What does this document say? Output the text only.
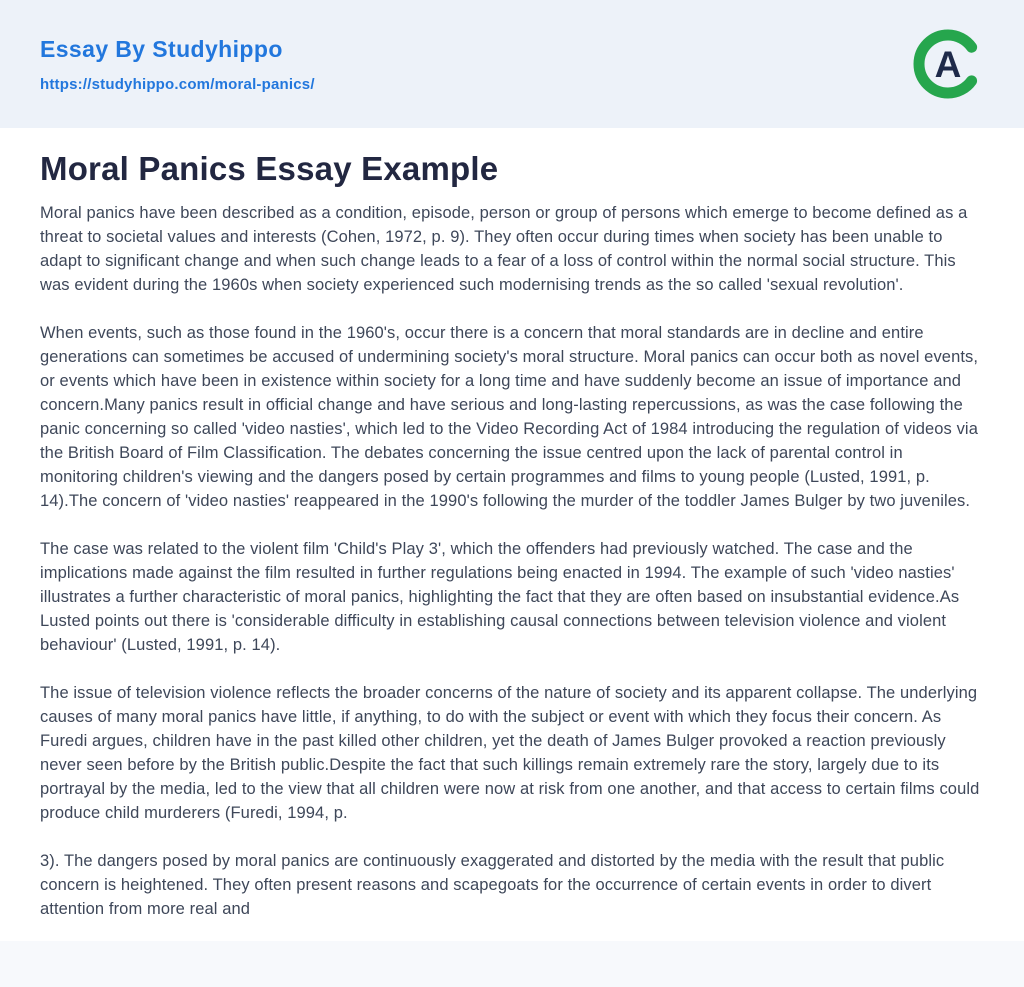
Essay By Studyhippo
https://studyhippo.com/moral-panics/	A
Moral Panics Essay Example

Moral panics have been described as a condition, episode, person or group of persons which emerge to become defined as a threat to societal values and interests (Cohen, 1972, p. 9). They often occur during times when society has been unable to adapt to significant change and when such change leads to a fear of a loss of control within the normal social structure. This was evident during the 1960s when society experienced such modernising trends as the so called 'sexual revolution'.

When events, such as those found in the 1960's, occur there is a concern that moral standards are in decline and entire generations can sometimes be accused of undermining society's moral structure. Moral panics can occur both as novel events, or events which have been in existence within society for a long time and have suddenly become an issue of importance and concern.Many panics result in official change and have serious and long-lasting repercussions, as was the case following the panic concerning so called 'video nasties', which led to the Video Recording Act of 1984 introducing the regulation of videos via the British Board of Film Classification. The debates concerning the issue centred upon the lack of parental control in monitoring children's viewing and the dangers posed by certain programmes and films to young people (Lusted, 1991, p. 14).The concern of 'video nasties' reappeared in the 1990's following the murder of the toddler James Bulger by two juveniles.

The case was related to the violent film 'Child's Play 3', which the offenders had previously watched. The case and the implications made against the film resulted in further regulations being enacted in 1994. The example of such 'video nasties' illustrates a further characteristic of moral panics, highlighting the fact that they are often based on insubstantial evidence.As Lusted points out there is 'considerable difficulty in establishing causal connections between television violence and violent behaviour' (Lusted, 1991, p. 14).

The issue of television violence reflects the broader concerns of the nature of society and its apparent collapse. The underlying causes of many moral panics have little, if anything, to do with the subject or event with which they focus their concern. As Furedi argues, children have in the past killed other children, yet the death of James Bulger provoked a reaction previously never seen before by the British public.Despite the fact that such killings remain extremely rare the story, largely due to its portrayal by the media, led to the view that all children were now at risk from one another, and that access to certain films could produce child murderers (Furedi, 1994, p.

3). The dangers posed by moral panics are continuously exaggerated and distorted by the media with the result that public concern is heightened. They often present reasons and scapegoats for the occurrence of certain events in order to divert attention from more real and
